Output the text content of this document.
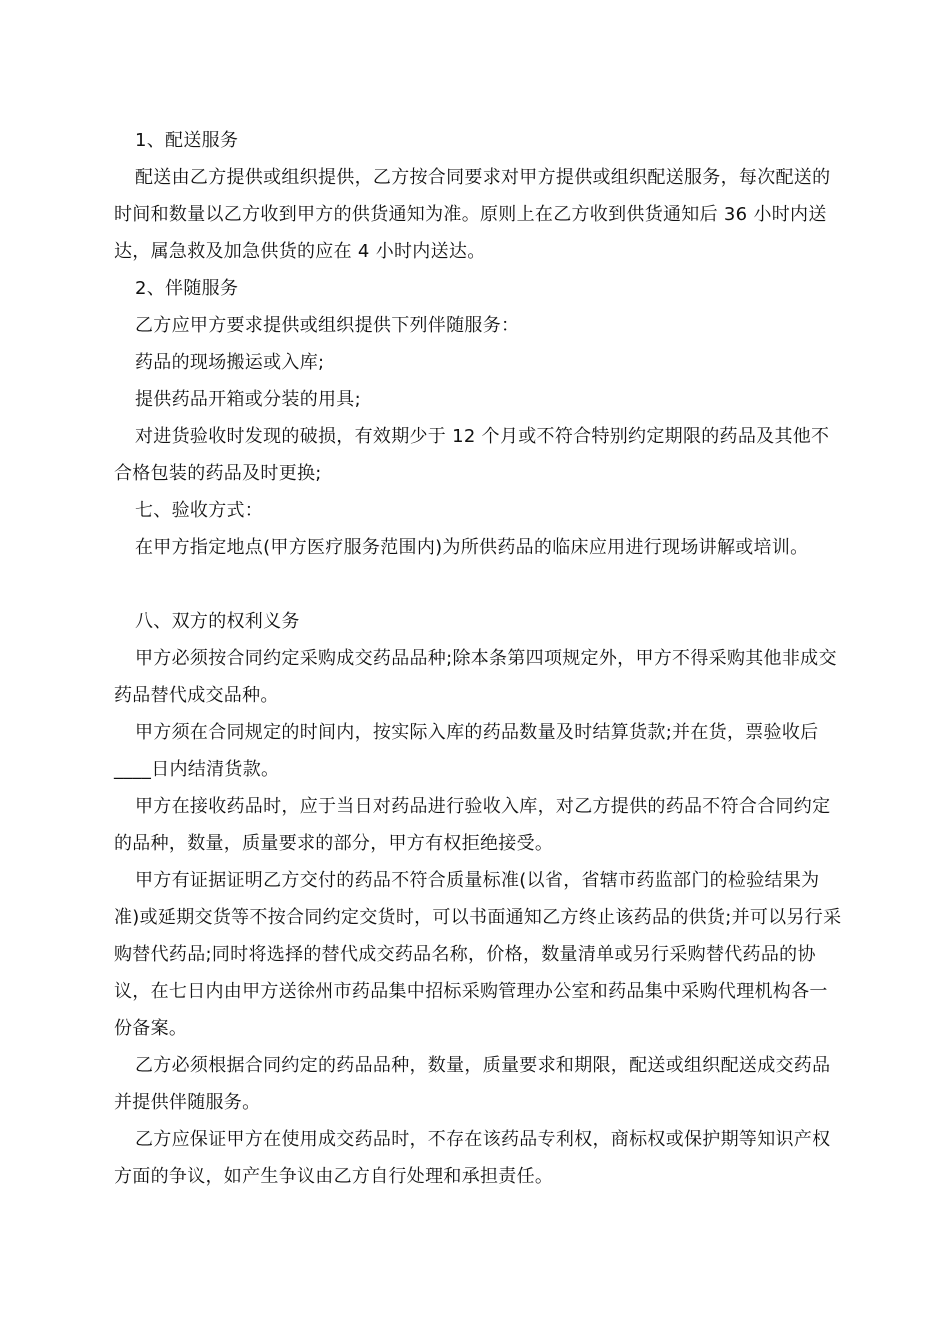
1、配送服务

配送由乙方提供或组织提供，乙方按合同要求对甲方提供或组织配送服务，每次配送的时间和数量以乙方收到甲方的供货通知为准。原则上在乙方收到供货通知后 36 小时内送达，属急救及加急供货的应在 4 小时内送达。

2、伴随服务

乙方应甲方要求提供或组织提供下列伴随服务：

药品的现场搬运或入库;

提供药品开箱或分装的用具;

对进货验收时发现的破损，有效期少于 12 个月或不符合特别约定期限的药品及其他不合格包装的药品及时更换;

七、验收方式：

在甲方指定地点(甲方医疗服务范围内)为所供药品的临床应用进行现场讲解或培训。

八、双方的权利义务

甲方必须按合同约定采购成交药品品种;除本条第四项规定外，甲方不得采购其他非成交药品替代成交品种。

甲方须在合同规定的时间内，按实际入库的药品数量及时结算货款;并在货，票验收后____日内结清货款。

甲方在接收药品时，应于当日对药品进行验收入库，对乙方提供的药品不符合合同约定的品种，数量，质量要求的部分，甲方有权拒绝接受。

甲方有证据证明乙方交付的药品不符合质量标准(以省，省辖市药监部门的检验结果为准)或延期交货等不按合同约定交货时，可以书面通知乙方终止该药品的供货;并可以另行采购替代药品;同时将选择的替代成交药品名称，价格，数量清单或另行采购替代药品的协议，在七日内由甲方送徐州市药品集中招标采购管理办公室和药品集中采购代理机构各一份备案。

乙方必须根据合同约定的药品品种，数量，质量要求和期限，配送或组织配送成交药品并提供伴随服务。

乙方应保证甲方在使用成交药品时，不存在该药品专利权，商标权或保护期等知识产权方面的争议，如产生争议由乙方自行处理和承担责任。
